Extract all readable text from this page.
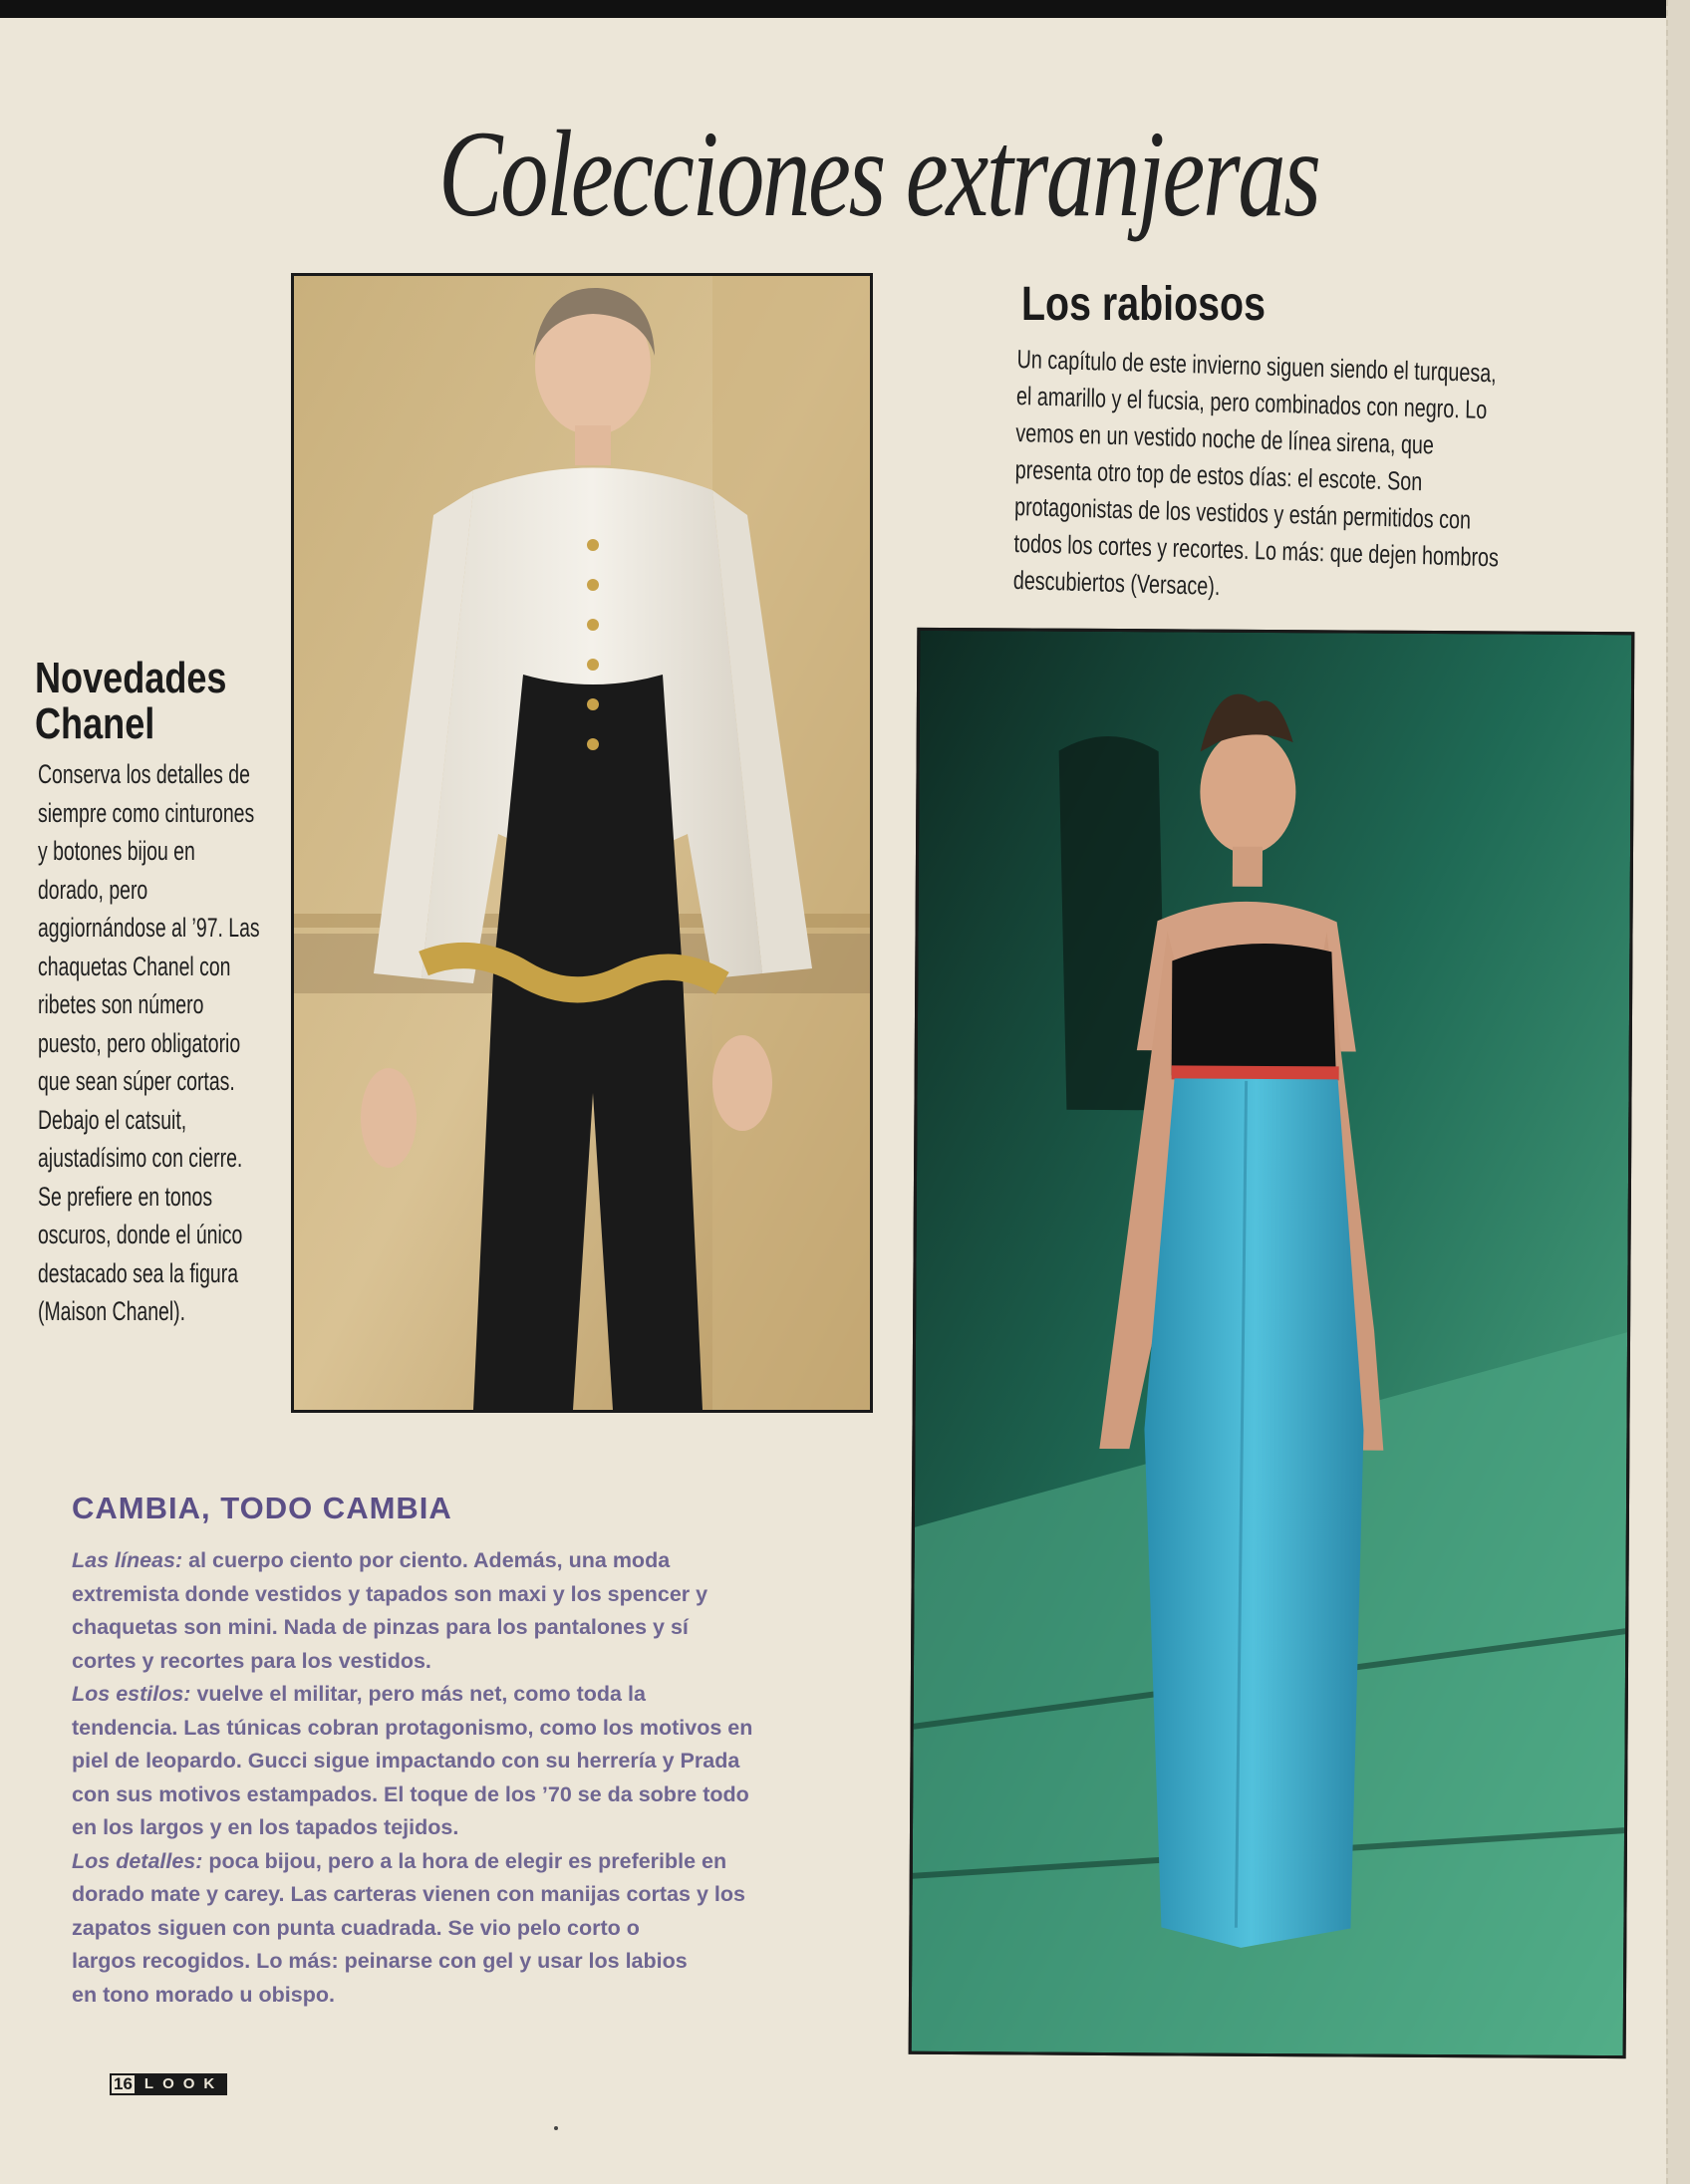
Colecciones extranjeras
Los rabiosos
Un capítulo de este invierno siguen siendo el turquesa,
el amarillo y el fucsia, pero combinados con negro. Lo
vemos en un vestido noche de línea sirena, que
presenta otro top de estos días: el escote. Son
protagonistas de los vestidos y están permitidos con
todos los cortes y recortes. Lo más: que dejen hombros
descubiertos (Versace).
Novedades
Chanel
Conserva los detalles de
siempre como cinturones
y botones bijou en
dorado, pero
aggiornándose al ’97. Las
chaquetas Chanel con
ribetes son número
puesto, pero obligatorio
que sean súper cortas.
Debajo el catsuit,
ajustadísimo con cierre.
Se prefiere en tonos
oscuros, donde el único
destacado sea la figura
(Maison Chanel).
CAMBIA, TODO CAMBIA
Las líneas: al cuerpo ciento por ciento. Además, una moda
extremista donde vestidos y tapados son maxi y los spencer y
chaquetas son mini. Nada de pinzas para los pantalones y sí
cortes y recortes para los vestidos.
Los estilos: vuelve el militar, pero más net, como toda la
tendencia. Las túnicas cobran protagonismo, como los motivos en
piel de leopardo. Gucci sigue impactando con su herrería y Prada
con sus motivos estampados. El toque de los ’70 se da sobre todo
en los largos y en los tapados tejidos.
Los detalles: poca bijou, pero a la hora de elegir es preferible en
dorado mate y carey. Las carteras vienen con manijas cortas y los
zapatos siguen con punta cuadrada. Se vio pelo corto o
largos recogidos. Lo más: peinarse con gel y usar los labios
en tono morado u obispo.
16 LOOK
